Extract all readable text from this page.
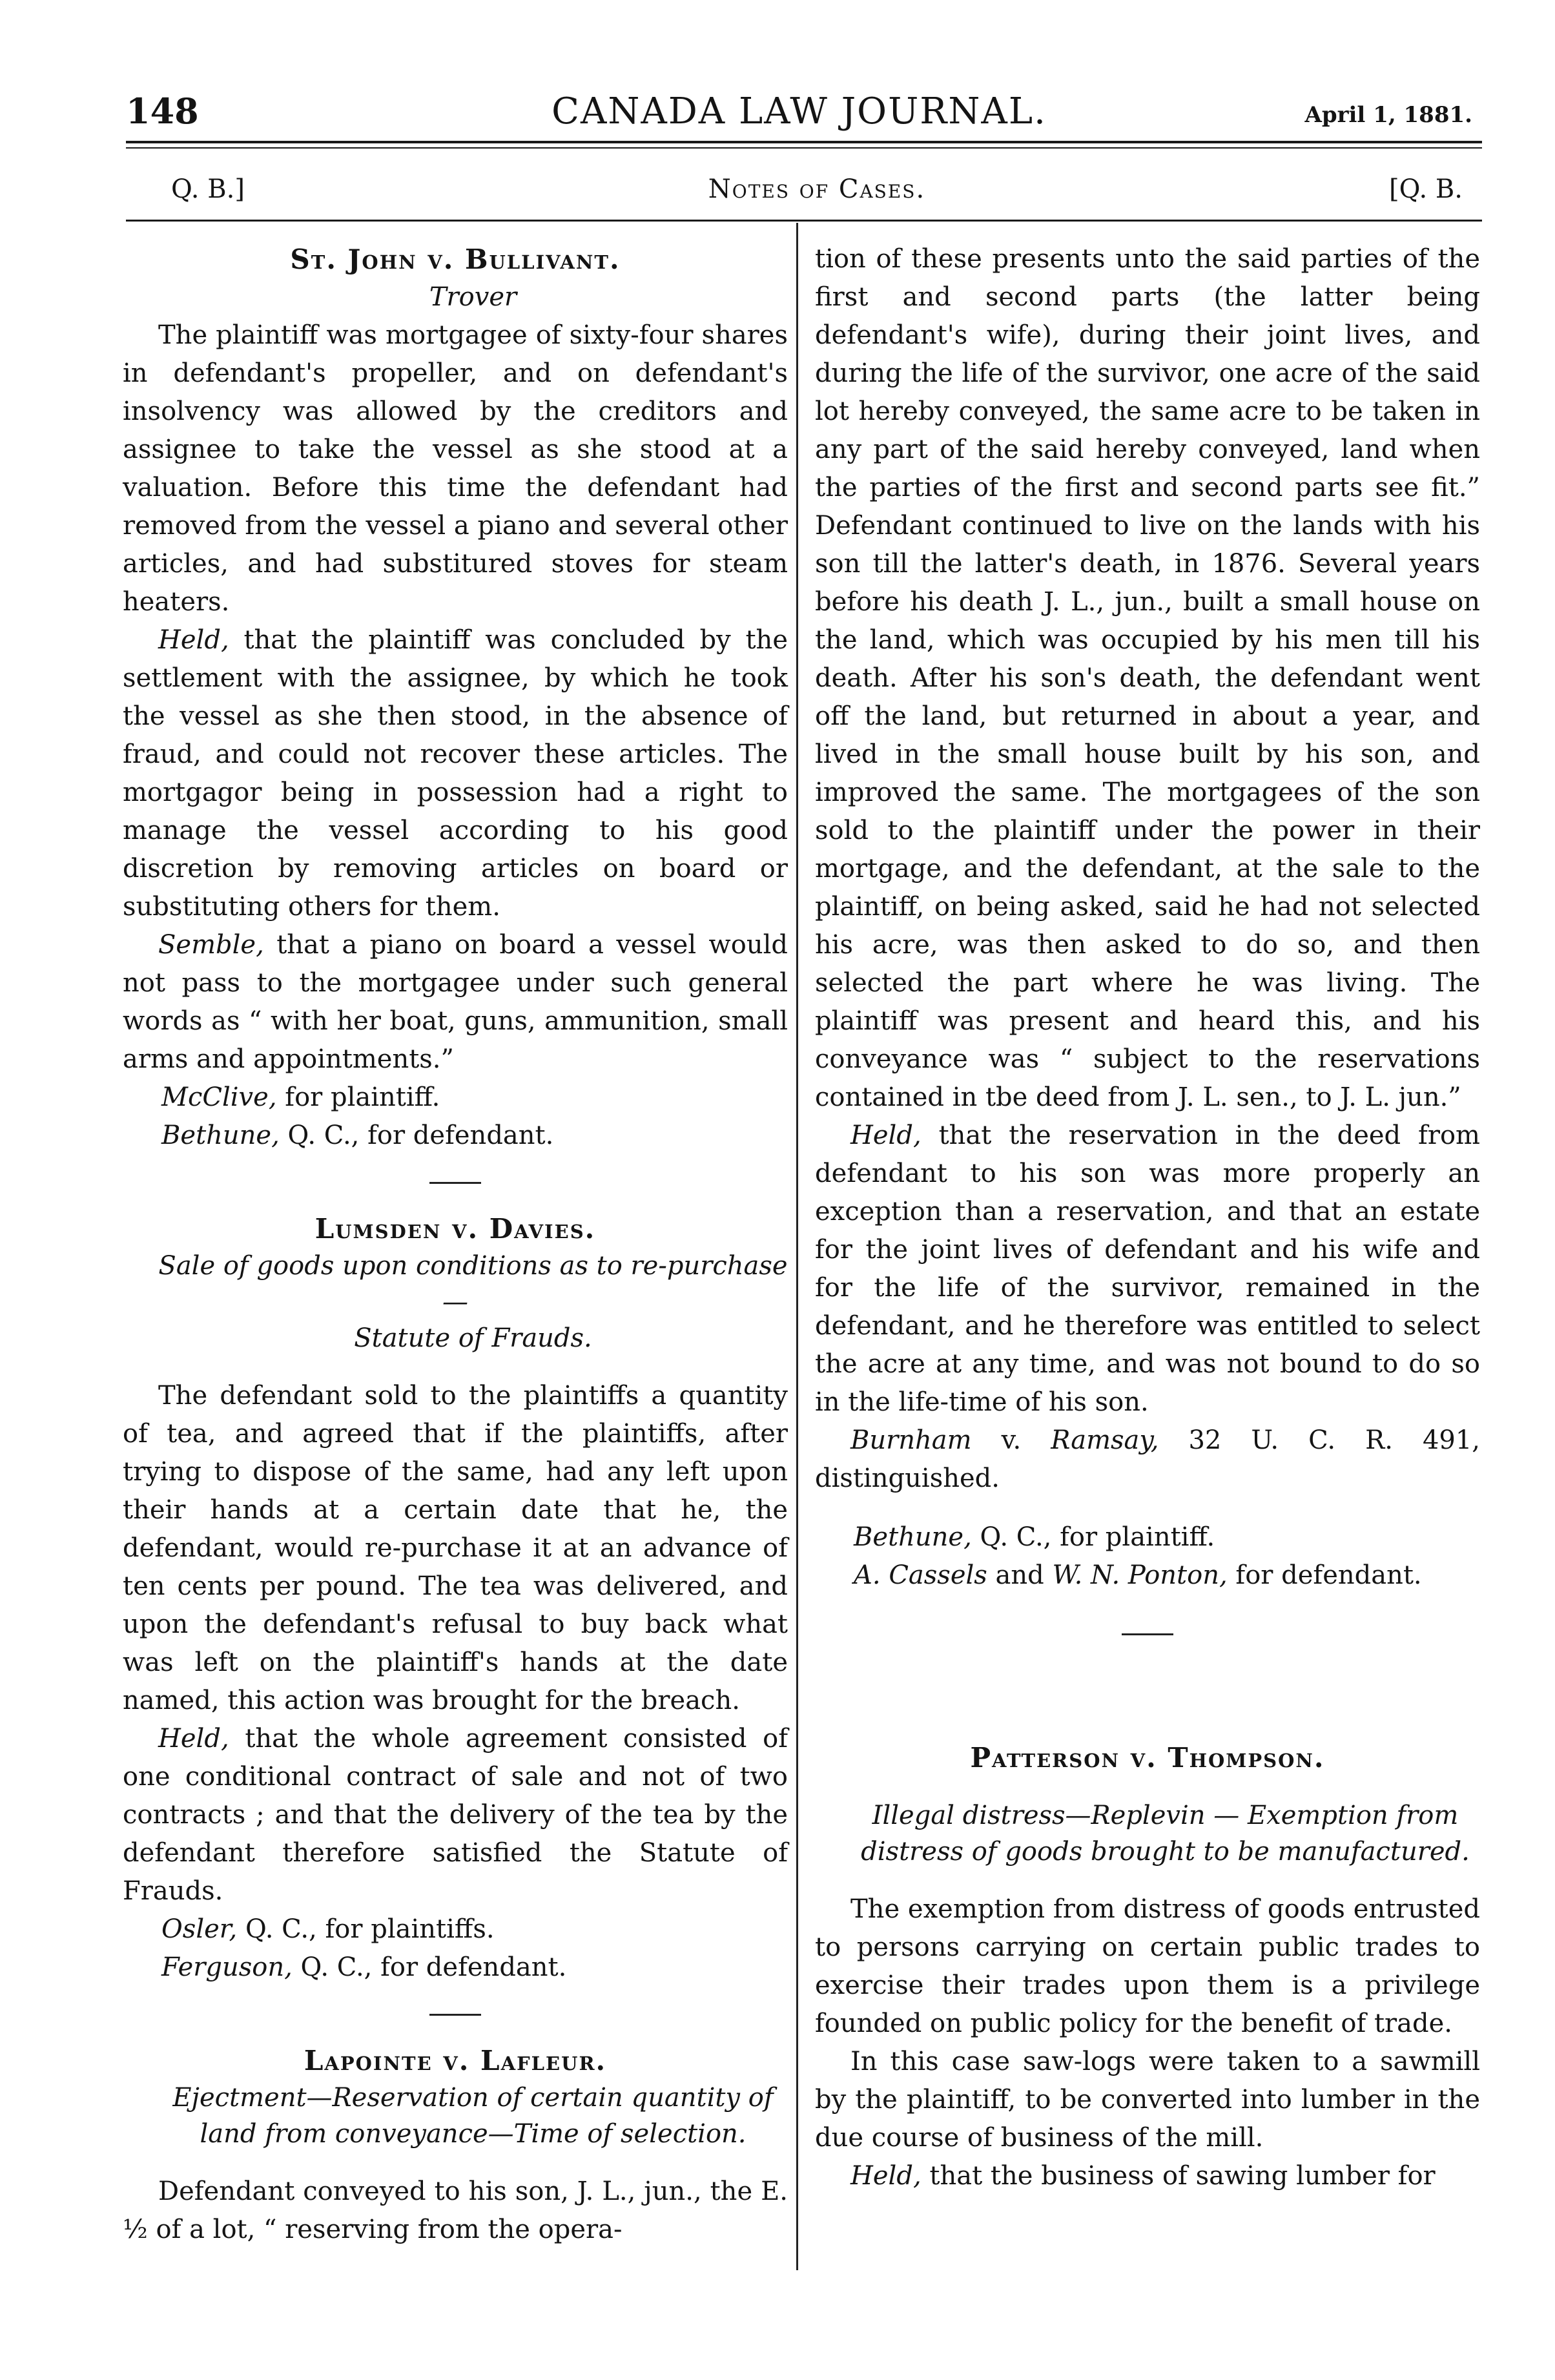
148	CANADA LAW JOURNAL.	April 1, 1881.
Q. B.]	Notes of Cases.	[Q. B.
St. John v. Bullivant.

Trover

The plaintiff was mortgagee of sixty-four shares in defendant's propeller, and on defendant's insolvency was allowed by the creditors and assignee to take the vessel as she stood at a valuation. Before this time the defendant had removed from the vessel a piano and several other articles, and had substitured stoves for steam heaters.

Held, that the plaintiff was concluded by the settlement with the assignee, by which he took the vessel as she then stood, in the absence of fraud, and could not recover these articles. The mortgagor being in possession had a right to manage the vessel according to his good discretion by removing articles on board or substituting others for them.

Semble, that a piano on board a vessel would not pass to the mortgagee under such general words as “ with her boat, guns, ammunition, small arms and appointments.”

McClive, for plaintiff.

Bethune, Q. C., for defendant.

Lumsden v. Davies.

Sale of goods upon conditions as to re-purchase—

Statute of Frauds.

The defendant sold to the plaintiffs a quantity of tea, and agreed that if the plaintiffs, after trying to dispose of the same, had any left upon their hands at a certain date that he, the defendant, would re-purchase it at an advance of ten cents per pound. The tea was delivered, and upon the defendant's refusal to buy back what was left on the plaintiff's hands at the date named, this action was brought for the breach.

Held, that the whole agreement consisted of one conditional contract of sale and not of two contracts ; and that the delivery of the tea by the defendant therefore satisfied the Statute of Frauds.

Osler, Q. C., for plaintiffs.

Ferguson, Q. C., for defendant.

Lapointe v. Lafleur.

Ejectment—Reservation of certain quantity of

land from conveyance—Time of selection.

Defendant conveyed to his son, J. L., jun., the E. ½ of a lot, “ reserving from the opera-

tion of these presents unto the said parties of the first and second parts (the latter being defendant's wife), during their joint lives, and during the life of the survivor, one acre of the said lot hereby conveyed, the same acre to be taken in any part of the said hereby conveyed, land when the parties of the first and second parts see fit.” Defendant continued to live on the lands with his son till the latter's death, in 1876. Several years before his death J. L., jun., built a small house on the land, which was occupied by his men till his death. After his son's death, the defendant went off the land, but returned in about a year, and lived in the small house built by his son, and improved the same. The mortgagees of the son sold to the plaintiff under the power in their mortgage, and the defendant, at the sale to the plaintiff, on being asked, said he had not selected his acre, was then asked to do so, and then selected the part where he was living. The plaintiff was present and heard this, and his conveyance was “ subject to the reservations contained in tbe deed from J. L. sen., to J. L. jun.”

Held, that the reservation in the deed from defendant to his son was more properly an exception than a reservation, and that an estate for the joint lives of defendant and his wife and for the life of the survivor, remained in the defendant, and he therefore was entitled to select the acre at any time, and was not bound to do so in the life-time of his son.

Burnham v. Ramsay, 32 U. C. R. 491, distinguished.

Bethune, Q. C., for plaintiff.

A. Cassels and W. N. Ponton, for defendant.

Patterson v. Thompson.

Illegal distress—Replevin — Exemption from

distress of goods brought to be manufactured.

The exemption from distress of goods entrusted to persons carrying on certain public trades to exercise their trades upon them is a privilege founded on public policy for the benefit of trade.

In this case saw-logs were taken to a sawmill by the plaintiff, to be converted into lumber in the due course of business of the mill.

Held, that the business of sawing lumber for
